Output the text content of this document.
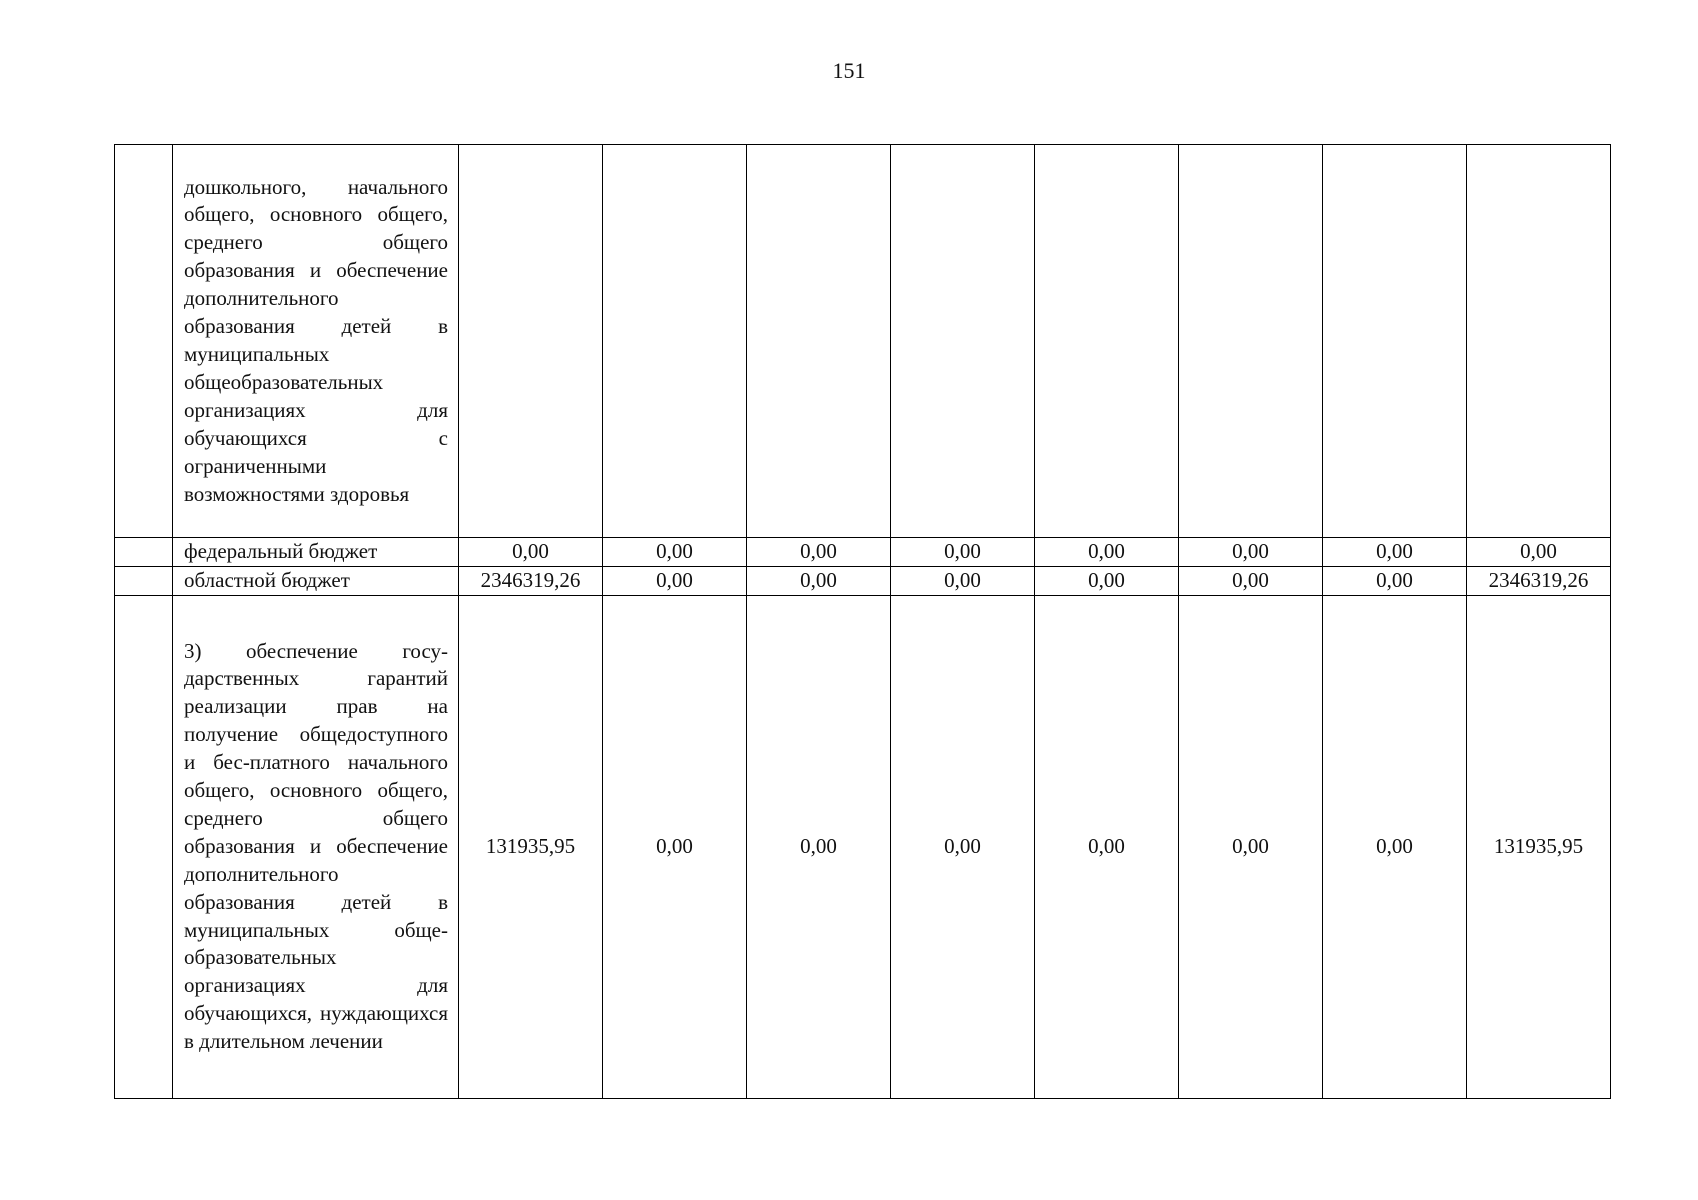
151
	дошкольного, начального общего, основного общего, среднего общего образования и обеспечение дополнительного образования детей в муниципальных общеобразовательных организациях для обучающихся с ограниченными возможностями здоровья								
	федеральный бюджет	0,00	0,00	0,00	0,00	0,00	0,00	0,00	0,00
	областной бюджет	2346319,26	0,00	0,00	0,00	0,00	0,00	0,00	2346319,26
	3) обеспечение госу-дарственных гарантий реализации прав на получение общедоступного и бес-платного начального общего, основного общего, среднего общего образования и обеспечение дополнительного образования детей в муниципальных обще-образовательных организациях для обучающихся, нуждающихся в длительном лечении	131935,95	0,00	0,00	0,00	0,00	0,00	0,00	131935,95
